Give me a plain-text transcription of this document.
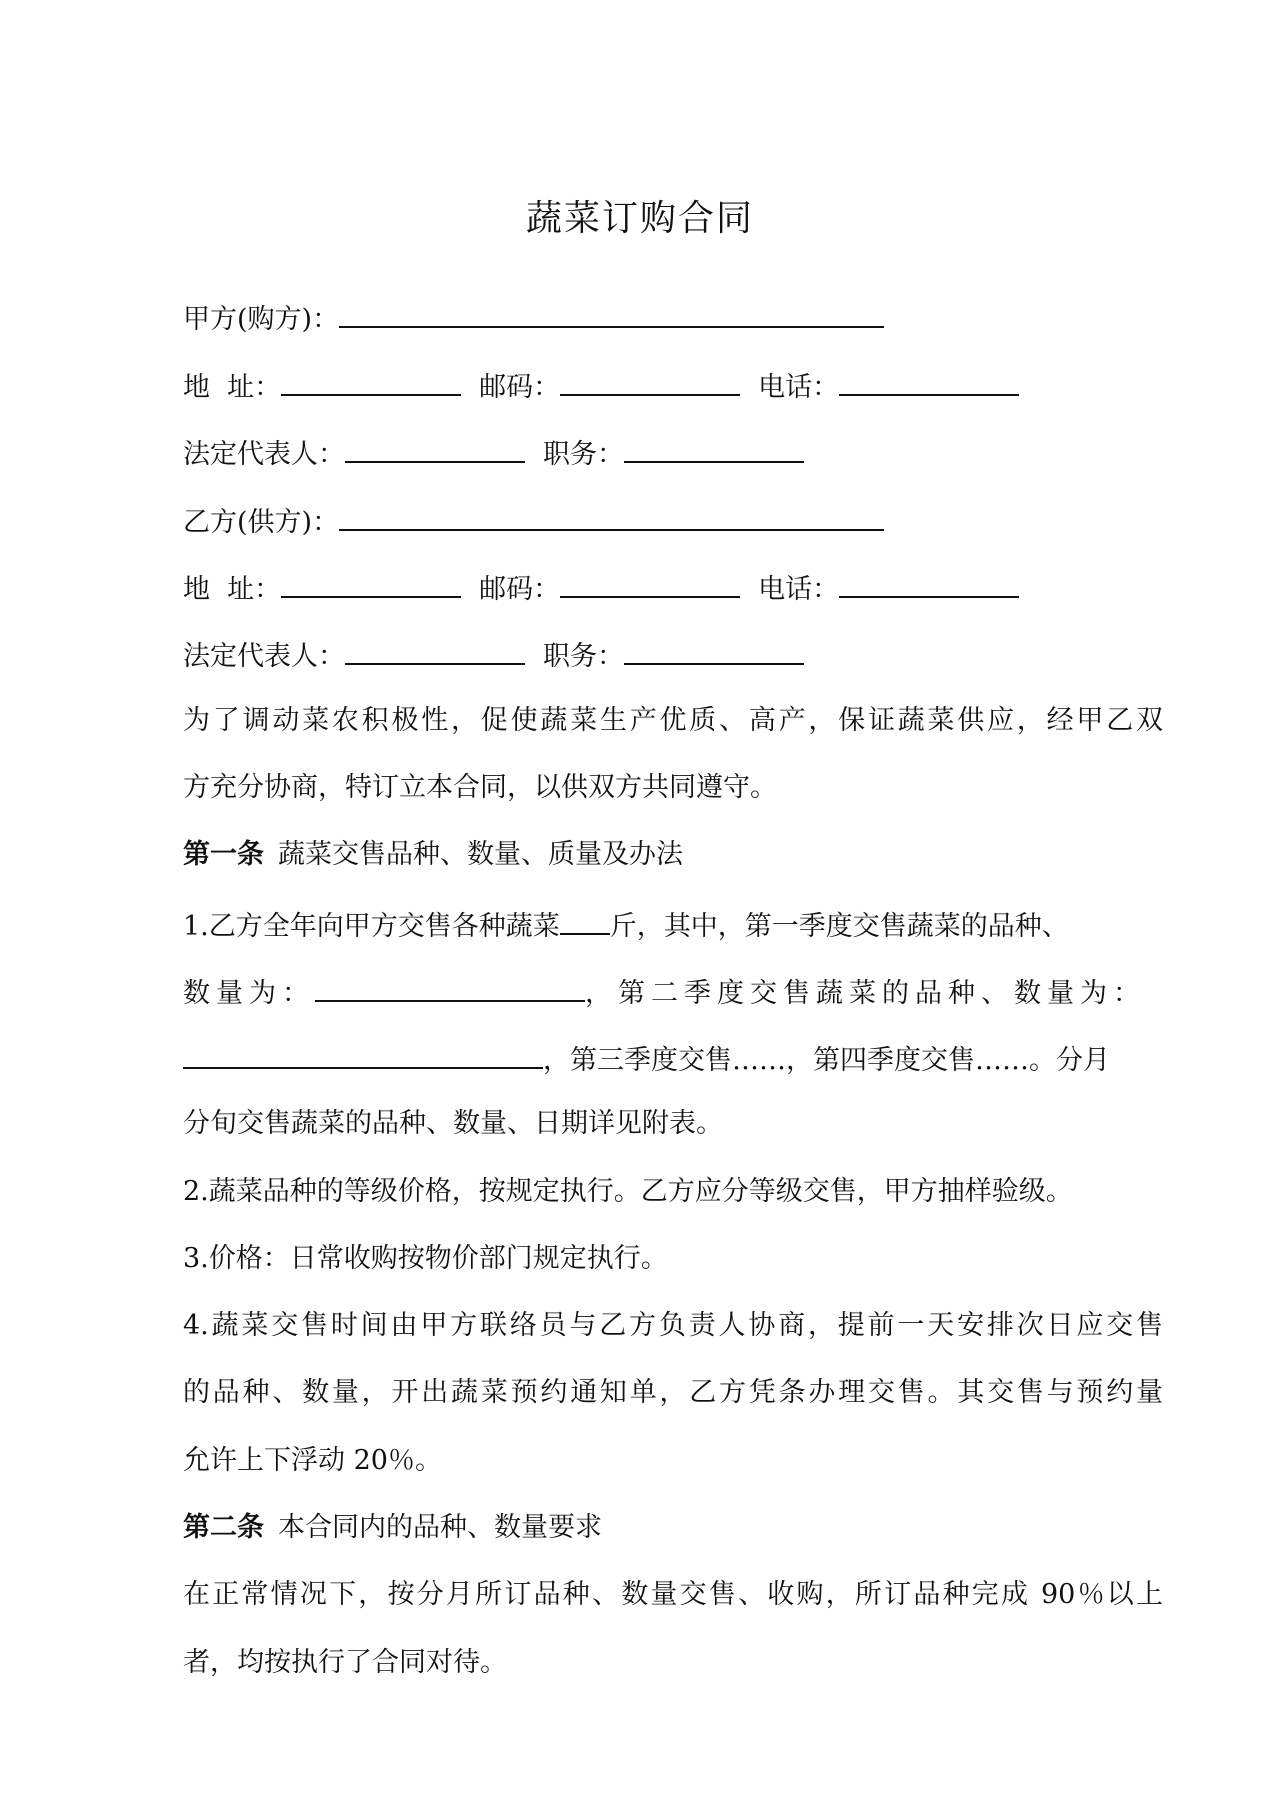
蔬菜订购合同
甲方(购方)：
地  址：	邮码：	电话：
法定代表人：	职务：
乙方(供方)：
地  址：	邮码：	电话：
法定代表人：	职务：
为了调动菜农积极性，促使蔬菜生产优质、高产，保证蔬菜供应，经甲乙双
方充分协商，特订立本合同，以供双方共同遵守。
第一条 蔬菜交售品种、数量、质量及办法
1.乙方全年向甲方交售各种蔬菜 斤，其中，第一季度交售蔬菜的品种、
数量为：	，第二季度交售蔬菜的品种、数量为：
，第三季度交售……，第四季度交售……。分月
分旬交售蔬菜的品种、数量、日期详见附表。
2.蔬菜品种的等级价格，按规定执行。乙方应分等级交售，甲方抽样验级。
3.价格：日常收购按物价部门规定执行。
4.蔬菜交售时间由甲方联络员与乙方负责人协商，提前一天安排次日应交售
的品种、数量，开出蔬菜预约通知单，乙方凭条办理交售。其交售与预约量
允许上下浮动 20％。
第二条 本合同内的品种、数量要求
在正常情况下，按分月所订品种、数量交售、收购，所订品种完成 90％以上
者，均按执行了合同对待。
